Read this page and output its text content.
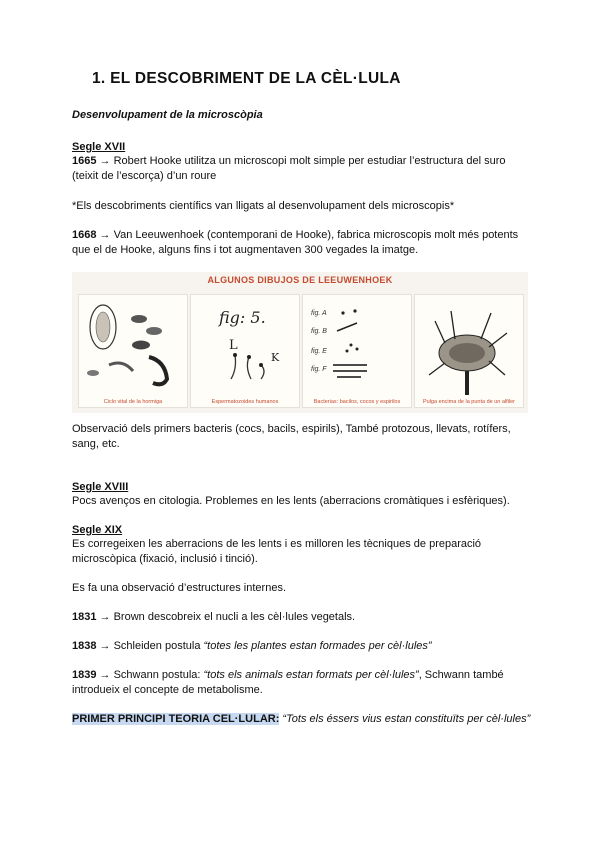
1. EL DESCOBRIMENT DE LA CÈL·LULA
Desenvolupament de la microscòpia
Segle XVII
1665 → Robert Hooke utilitza un microscopi molt simple per estudiar l’estructura del suro (teixit de l’escorça) d’un roure
*Els descobriments científics van lligats al desenvolupament dels microscopis*
1668 → Van Leeuwenhoek (contemporani de Hooke), fabrica microscopis molt més potents que el de Hooke, alguns fins i tot augmentaven 300 vegades la imatge.
Observació dels primers bacteris (cocs, bacils, espirils), També protozous, llevats, rotífers, sang, etc.
Segle XVIII
Pocs avenços en citologia. Problemes en les lents (aberracions cromàtiques i esfèriques).
Segle XIX
Es corregeixen les aberracions de les lents i es milloren les tècniques de preparació microscòpica (fixació, inclusió i tinció).
Es fa una observació d’estructures internes.
1831 → Brown descobreix el nucli a les cèl·lules vegetals.
1838 → Schleiden postula “totes les plantes estan formades per cèl·lules”
1839 → Schwann postula: “tots els animals estan formats per cèl·lules”, Schwann també introdueix el concepte de metabolisme.
PRIMER PRINCIPI TEORIA CEL·LULAR: “Tots els éssers vius estan constituïts per cèl·lules”
ALGUNOS DIBUJOS DE LEEUWENHOEK
Ciclo vital de la hormiga
fig: 5.
L
K
Espermatozoides humanos
fig. A
fig. B
fig. E
fig. F
Bacterias: bacilos, cocos y espirilos	Pulga encima de la punta de un alfiler
